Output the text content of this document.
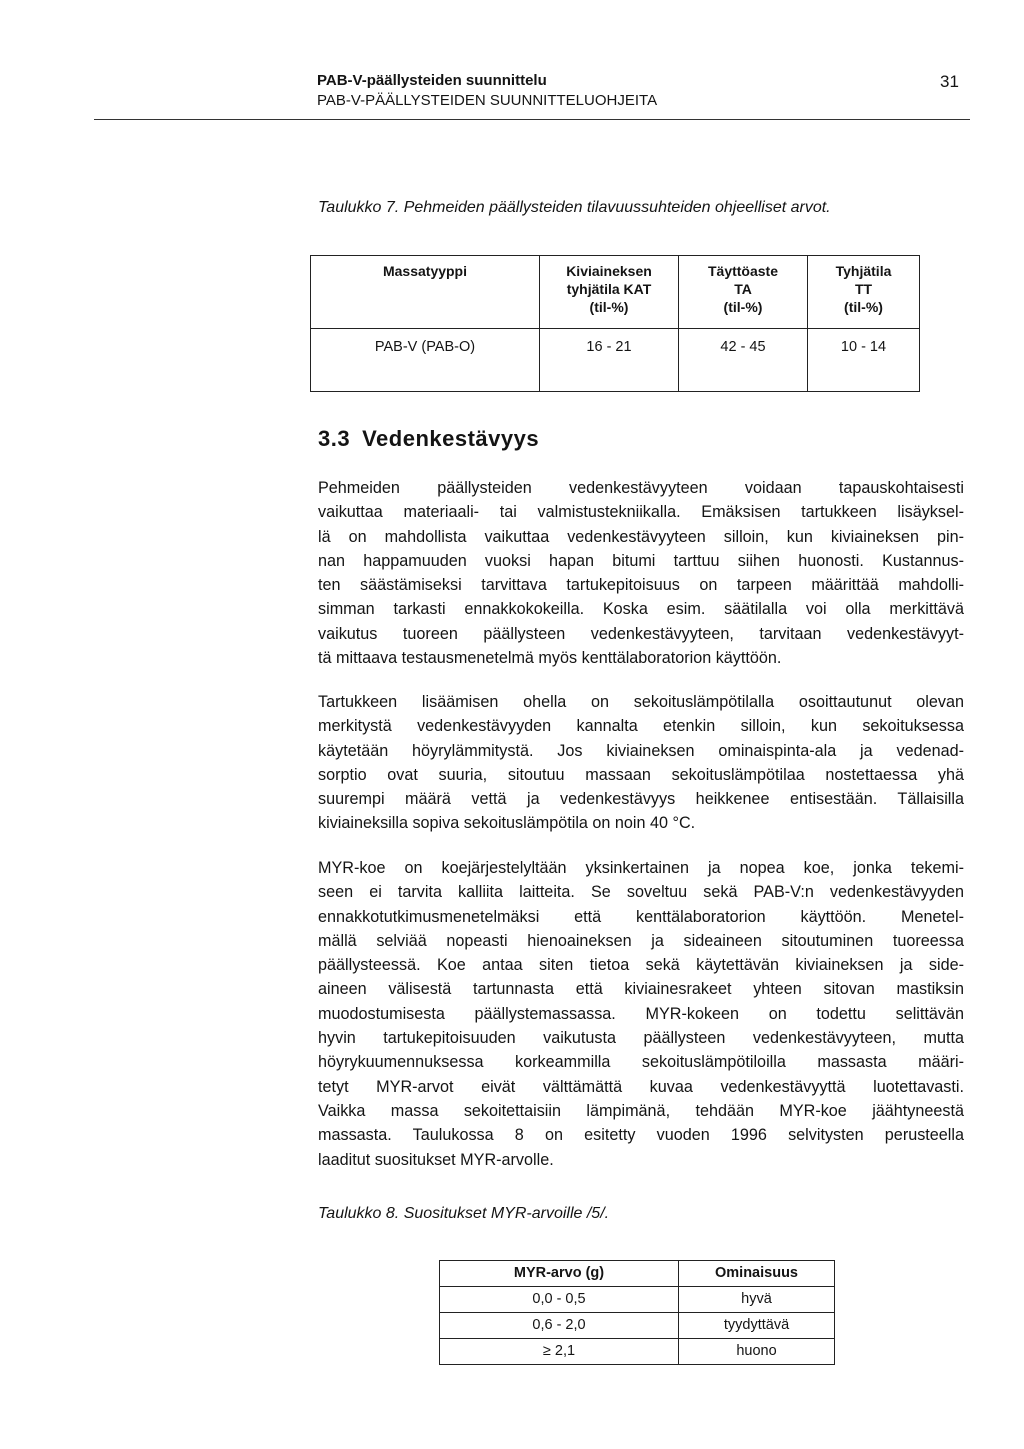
PAB-V-päällysteiden suunnittelu
PAB-V-PÄÄLLYSTEIDEN SUUNNITTELUOHJEITA
31
Taulukko 7. Pehmeiden päällysteiden tilavuussuhteiden ohjeelliset arvot.
Massatyyppi	Kiviaineksen
tyhjätila KAT
(til-%)	Täyttöaste
TA
(til-%)	Tyhjätila
TT
(til-%)

PAB-V (PAB-O)	16 - 21	42 - 45	10 - 14
3.3 Vedenkestävyys

Pehmeiden päällysteiden vedenkestävyyteen voidaan tapauskohtaisesti
vaikuttaa materiaali- tai valmistustekniikalla. Emäksisen tartukkeen lisäyksel-
lä on mahdollista vaikuttaa vedenkestävyyteen silloin, kun kiviaineksen pin-
nan happamuuden vuoksi hapan bitumi tarttuu siihen huonosti. Kustannus-
ten säästämiseksi tarvittava tartukepitoisuus on tarpeen määrittää mahdolli-
simman tarkasti ennakkokokeilla. Koska esim. säätilalla voi olla merkittävä
vaikutus tuoreen päällysteen vedenkestävyyteen, tarvitaan vedenkestävyyt-
tä mittaava testausmenetelmä myös kenttälaboratorion käyttöön.

Tartukkeen lisäämisen ohella on sekoituslämpötilalla osoittautunut olevan
merkitystä vedenkestävyyden kannalta etenkin silloin, kun sekoituksessa
käytetään höyrylämmitystä. Jos kiviaineksen ominaispinta-ala ja vedenad-
sorptio ovat suuria, sitoutuu massaan sekoituslämpötilaa nostettaessa yhä
suurempi määrä vettä ja vedenkestävyys heikkenee entisestään. Tällaisilla
kiviaineksilla sopiva sekoituslämpötila on noin 40 °C.

MYR-koe on koejärjestelyltään yksinkertainen ja nopea koe, jonka tekemi-
seen ei tarvita kalliita laitteita. Se soveltuu sekä PAB-V:n vedenkestävyyden
ennakkotutkimusmenetelmäksi että kenttälaboratorion käyttöön. Menetel-
mällä selviää nopeasti hienoaineksen ja sideaineen sitoutuminen tuoreessa
päällysteessä. Koe antaa siten tietoa sekä käytettävän kiviaineksen ja side-
aineen välisestä tartunnasta että kiviainesrakeet yhteen sitovan mastiksin
muodostumisesta päällystemassassa. MYR-kokeen on todettu selittävän
hyvin tartukepitoisuuden vaikutusta päällysteen vedenkestävyyteen, mutta
höyrykuumennuksessa korkeammilla sekoituslämpötiloilla massasta määri-
tetyt MYR-arvot eivät välttämättä kuvaa vedenkestävyyttä luotettavasti.
Vaikka massa sekoitettaisiin lämpimänä, tehdään MYR-koe jäähtyneestä
massasta. Taulukossa 8 on esitetty vuoden 1996 selvitysten perusteella
laaditut suositukset MYR-arvolle.

Taulukko 8. Suositukset MYR-arvoille /5/.
MYR-arvo (g)	Ominaisuus
0,0 - 0,5	hyvä
0,6 - 2,0	tyydyttävä
≥ 2,1	huono
